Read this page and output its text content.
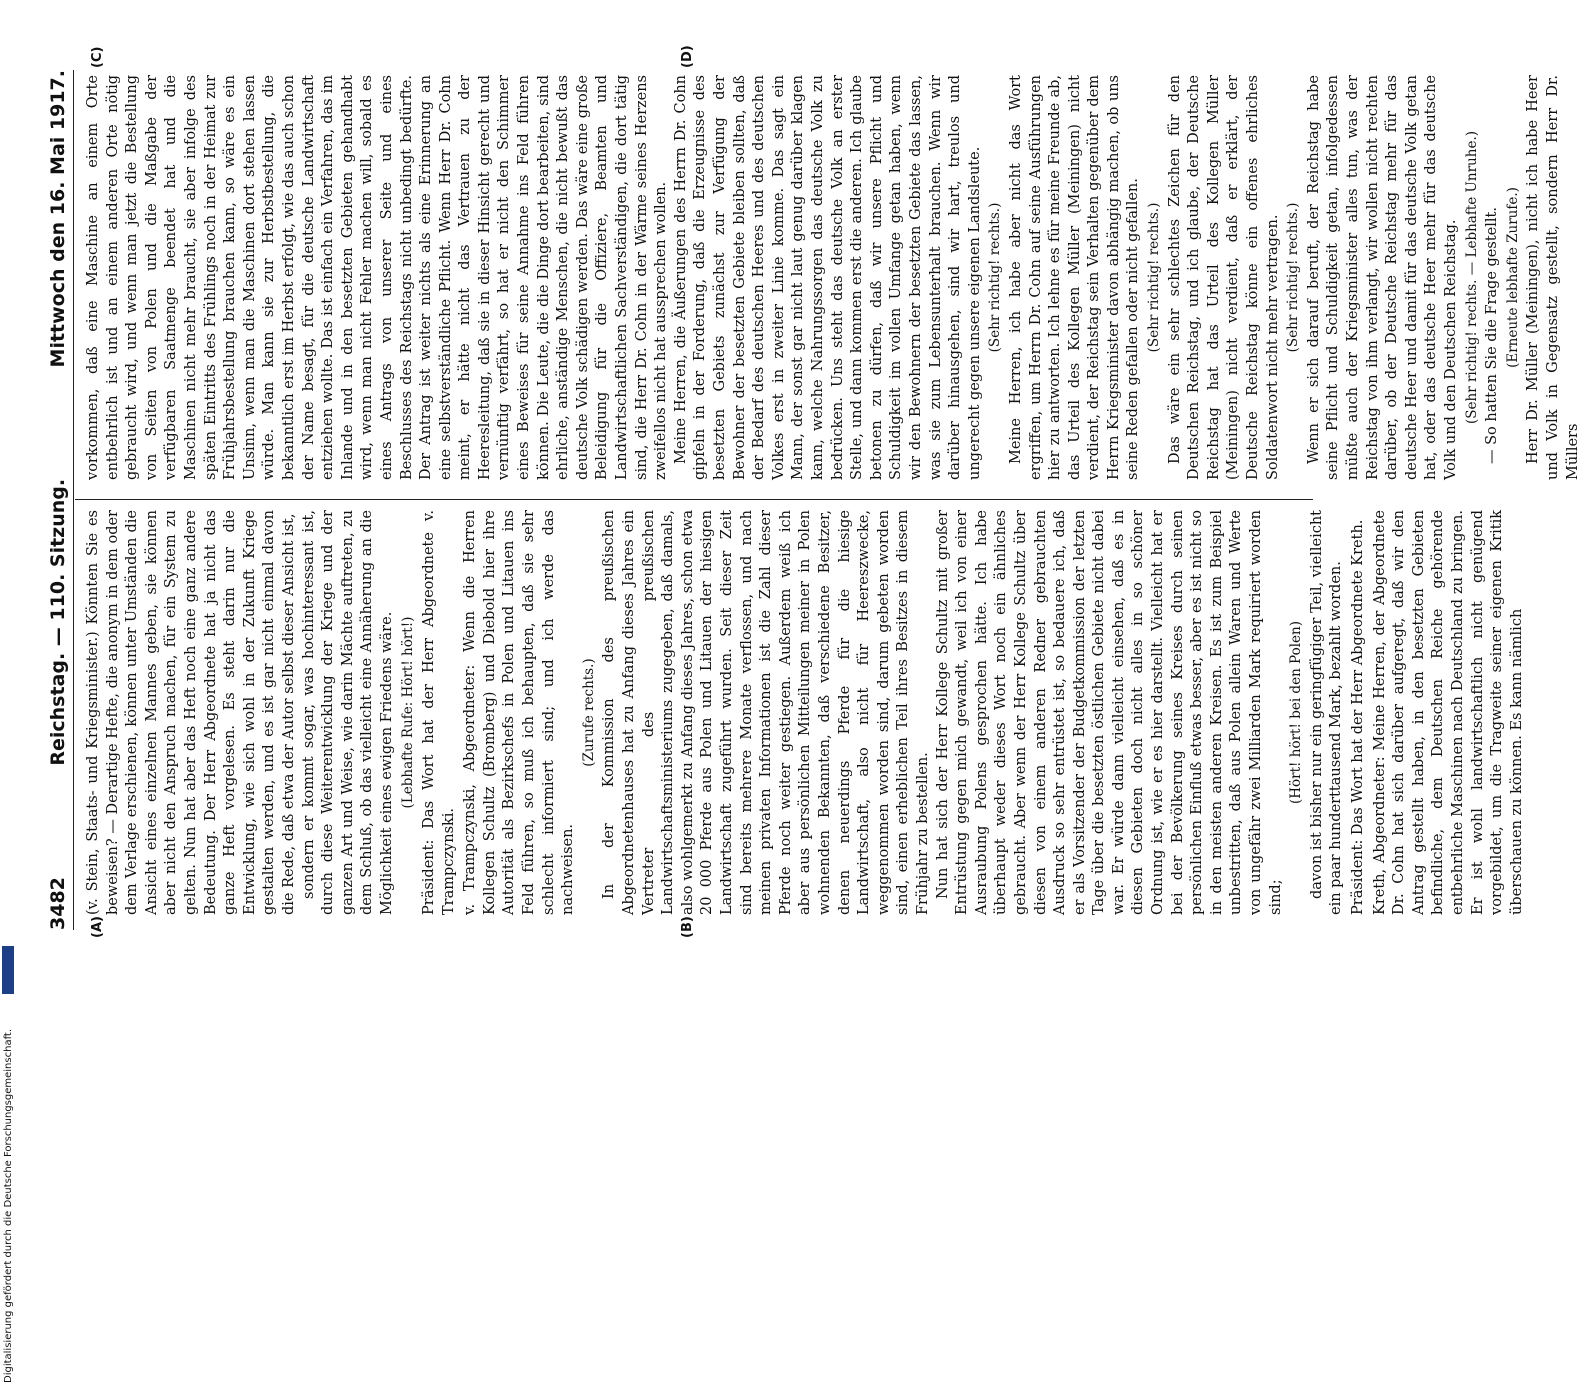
3482
Reichstag. — 110. Sitzung.
Mittwoch den 16. Mai 1917.
(A)	(B)
(C)	(D)

(v. Stein, Staats- und Kriegsminister.) Könnten Sie es beweisen? — Derartige Hefte, die anonym in dem oder dem Verlage erschienen, können unter Umständen die Ansicht eines einzelnen Mannes geben, sie können aber nicht den Anspruch machen, für ein System zu gelten. Nun hat aber das Heft noch eine ganz andere Bedeutung. Der Herr Abgeordnete hat ja nicht das ganze Heft vorgelesen. Es steht darin nur die Entwicklung, wie sich wohl in der Zukunft Kriege gestalten werden, und es ist gar nicht einmal davon die Rede, daß etwa der Autor selbst dieser Ansicht ist, sondern er kommt sogar, was hochinteressant ist, durch diese Weiterentwicklung der Kriege und der ganzen Art und Weise, wie darin Mächte auftreten, zu dem Schluß, ob das vielleicht eine Annäherung an die Möglichkeit eines ewigen Friedens wäre. (Lebhafte Rufe: Hört! hört!) Präsident: Das Wort hat der Herr Abgeordnete v. Trampczynski. v. Trampczynski, Abgeordneter: Wenn die Herren Kollegen Schultz (Bromberg) und Diebold hier ihre Autorität als Bezirkschefs in Polen und Litauen ins Feld führen, so muß ich behaupten, daß sie sehr schlecht informiert sind; und ich werde das nachweisen.

(Zurufe rechts.) In der Kommission des preußischen Abgeordnetenhauses hat zu Anfang dieses Jahres ein Vertreter des preußischen Landwirtschaftsministeriums zugegeben, daß damals, also wohlgemerkt zu Anfang dieses Jahres, schon etwa 20 000 Pferde aus Polen und Litauen der hiesigen Landwirtschaft zugeführt wurden. Seit dieser Zeit sind bereits mehrere Monate verflossen, und nach meinen privaten Informationen ist die Zahl dieser Pferde noch weiter gestiegen. Außerdem weiß ich aber aus persönlichen Mitteilungen meiner in Polen wohnenden Bekannten, daß verschiedene Besitzer, denen neuerdings Pferde für die hiesige Landwirtschaft, also nicht für Heereszwecke, weggenommen worden sind, darum gebeten worden sind, einen erheblichen Teil ihres Besitzes in diesem Frühjahr zu bestellen. Nun hat sich der Herr Kollege Schultz mit großer Entrüstung gegen mich gewandt, weil ich von einer Ausraubung Polens gesprochen hätte. Ich habe überhaupt weder dieses Wort noch ein ähnliches gebraucht. Aber wenn der Herr Kollege Schultz über diesen von einem anderen Redner gebrauchten Ausdruck so sehr entrüstet ist, so bedauere ich, daß er als Vorsitzender der Budgetkommission der letzten Tage über die besetzten östlichen Gebiete nicht dabei war. Er würde dann vielleicht einsehen, daß es in diesen Gebieten doch nicht alles in so schöner Ordnung ist, wie er es hier darstellt. Vielleicht hat er bei der Bevölkerung seines Kreises durch seinen persönlichen Einfluß etwas besser, aber es ist nicht so in den meisten anderen Kreisen. Es ist zum Beispiel unbestritten, daß aus Polen allein Waren und Werte von ungefähr zwei Milliarden Mark requiriert worden sind;

(Hört! hört! bei den Polen) davon ist bisher nur ein geringfügiger Teil, vielleicht ein paar hunderttausend Mark, bezahlt worden. Präsident: Das Wort hat der Herr Abgeordnete Kreth. Kreth, Abgeordneter: Meine Herren, der Abgeordnete Dr. Cohn hat sich darüber aufgeregt, daß wir den Antrag gestellt haben, in den besetzten Gebieten befindliche, dem Deutschen Reiche gehörende entbehrliche Maschinen nach Deutschland zu bringen. Er ist wohl landwirtschaftlich nicht genügend vorgebildet, um die Tragweite seiner eigenen Kritik überschauen zu können. Es kann nämlich

vorkommen, daß eine Maschine an einem Orte entbehrlich ist und an einem anderen Orte nötig gebraucht wird, und wenn man jetzt die Bestellung von Seiten von Polen und die Maßgabe der verfügbaren Saatmenge beendet hat und die Maschinen nicht mehr braucht, sie aber infolge des späten Eintritts des Frühlings noch in der Heimat zur Frühjahrsbestellung brauchen kann, so wäre es ein Unsinn, wenn man die Maschinen dort stehen lassen würde. Man kann sie zur Herbstbestellung, die bekanntlich erst im Herbst erfolgt, wie das auch schon der Name besagt, für die deutsche Landwirtschaft entziehen wollte. Das ist einfach ein Verfahren, das im Inlande und in den besetzten Gebieten gehandhabt wird, wenn man nicht Fehler machen will, sobald es eines Antrags von unserer Seite und eines Beschlusses des Reichstags nicht unbedingt bedürfte. Der Antrag ist weiter nichts als eine Erinnerung an eine selbstverständliche Pflicht. Wenn Herr Dr. Cohn meint, er hätte nicht das Vertrauen zu der Heeresleitung, daß sie in dieser Hinsicht gerecht und vernünftig verfährt, so hat er nicht den Schimmer eines Beweises für seine Annahme ins Feld führen können. Die Leute, die die Dinge dort bearbeiten, sind ehrliche, anständige Menschen, die nicht bewußt das deutsche Volk schädigen werden. Das wäre eine große Beleidigung für die Offiziere, Beamten und Landwirtschaftlichen Sachverständigen, die dort tätig sind, die Herr Dr. Cohn in der Wärme seines Herzens zweifellos nicht hat aussprechen wollen. Meine Herren, die Äußerungen des Herrn Dr. Cohn gipfeln in der Forderung, daß die Erzeugnisse des besetzten Gebiets zunächst zur Verfügung der Bewohner der besetzten Gebiete bleiben sollten, daß der Bedarf des deutschen Heeres und des deutschen Volkes erst in zweiter Linie komme. Das sagt ein Mann, der sonst gar nicht laut genug darüber klagen kann, welche Nahrungssorgen das deutsche Volk zu bedrücken. Uns steht das deutsche Volk an erster Stelle, und dann kommen erst die anderen. Ich glaube betonen zu dürfen, daß wir unsere Pflicht und Schuldigkeit im vollen Umfange getan haben, wenn wir den Bewohnern der besetzten Gebiete das lassen, was sie zum Lebensunterhalt brauchen. Wenn wir darüber hinausgehen, sind wir hart, treulos und ungerecht gegen unsere eigenen Landsleute. (Sehr richtig! rechts.) Meine Herren, ich habe aber nicht das Wort ergriffen, um Herrn Dr. Cohn auf seine Ausführungen hier zu antworten. Ich lehne es für meine Freunde ab, das Urteil des Kollegen Müller (Meiningen) nicht verdient, der Reichstag sein Verhalten gegenüber dem Herrn Kriegsminister davon abhängig machen, ob uns seine Reden gefallen oder nicht gefallen. (Sehr richtig! rechts.) Das wäre ein sehr schlechtes Zeichen für den Deutschen Reichstag, und ich glaube, der Deutsche Reichstag hat das Urteil des Kollegen Müller (Meiningen) nicht verdient, daß er erklärt, der Deutsche Reichstag könne ein offenes ehrliches Soldatenwort nicht mehr vertragen. (Sehr richtig! rechts.) Wenn er sich darauf beruft, der Reichstag habe seine Pflicht und Schuldigkeit getan, infolgedessen müßte auch der Kriegsminister alles tun, was der Reichstag von ihm verlangt, wir wollen nicht rechten darüber, ob der Deutsche Reichstag mehr für das deutsche Heer und damit für das deutsche Volk getan hat, oder das deutsche Heer mehr für das deutsche Volk und den Deutschen Reichstag. (Sehr richtig! rechts. — Lebhafte Unruhe.) — So hatten Sie die Frage gestellt. (Erneute lebhafte Zurufe.) Herr Dr. Müller (Meiningen), nicht ich habe Heer und Volk in Gegensatz gestellt, sondern Herr Dr. Müllers

Digitalisierung gefördert durch die Deutsche Forschungsgemeinschaft.
